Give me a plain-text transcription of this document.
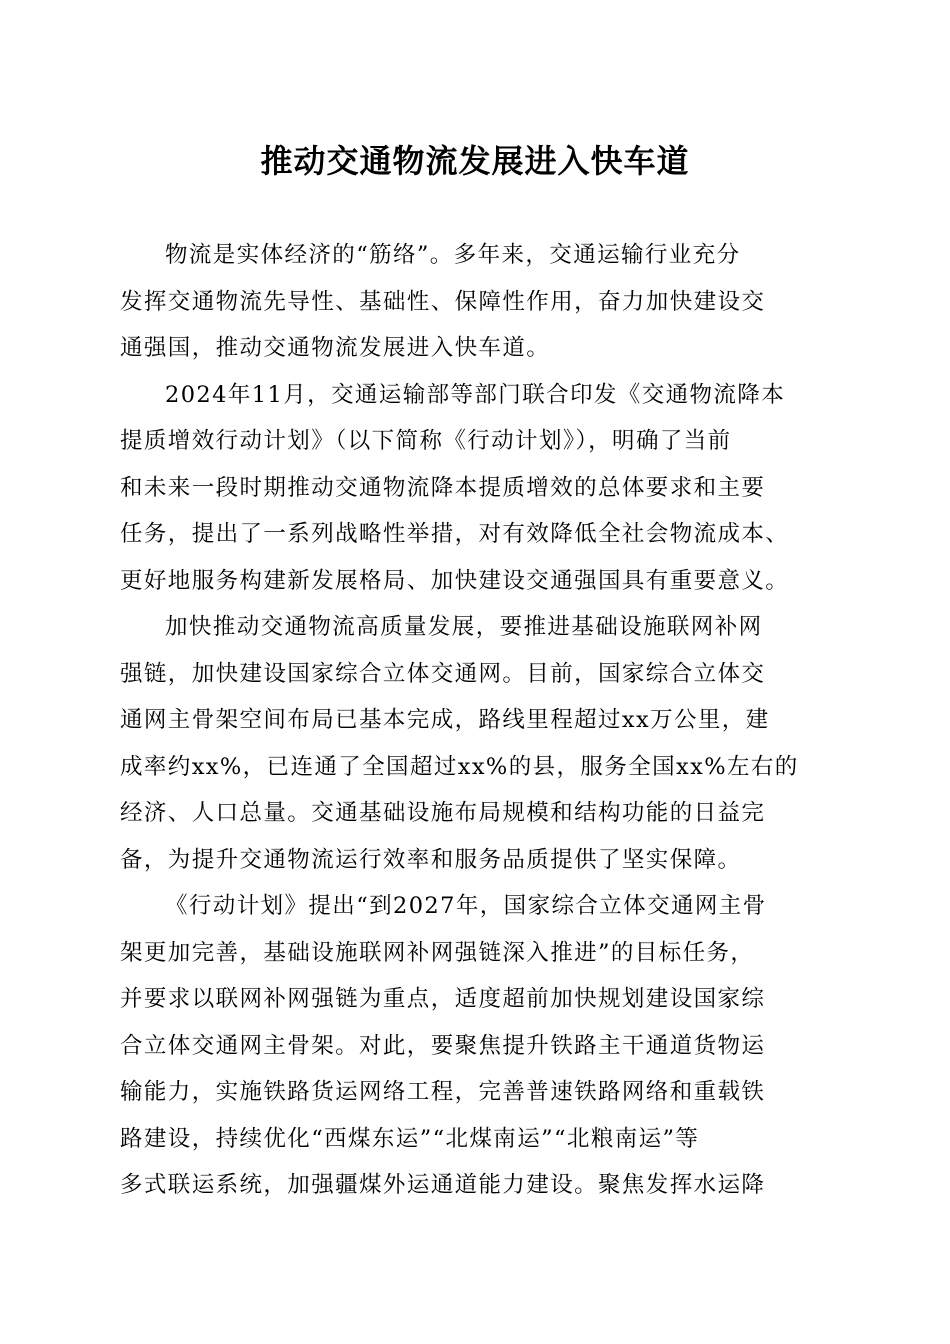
推动交通物流发展进入快车道

物流是实体经济的“筋络”。多年来，交通运输行业充分
发挥交通物流先导性、基础性、保障性作用，奋力加快建设交
通强国，推动交通物流发展进入快车道。

2024年11月，交通运输部等部门联合印发《交通物流降本
提质增效行动计划》（以下简称《行动计划》），明确了当前
和未来一段时期推动交通物流降本提质增效的总体要求和主要
任务，提出了一系列战略性举措，对有效降低全社会物流成本、
更好地服务构建新发展格局、加快建设交通强国具有重要意义。

加快推动交通物流高质量发展，要推进基础设施联网补网
强链，加快建设国家综合立体交通网。目前，国家综合立体交
通网主骨架空间布局已基本完成，路线里程超过xx万公里，建
成率约xx%，已连通了全国超过xx%的县，服务全国xx%左右的
经济、人口总量。交通基础设施布局规模和结构功能的日益完
备，为提升交通物流运行效率和服务品质提供了坚实保障。

《行动计划》提出“到2027年，国家综合立体交通网主骨
架更加完善，基础设施联网补网强链深入推进”的目标任务，
并要求以联网补网强链为重点，适度超前加快规划建设国家综
合立体交通网主骨架。对此，要聚焦提升铁路主干通道货物运
输能力，实施铁路货运网络工程，完善普速铁路网络和重载铁
路建设，持续优化“西煤东运”“北煤南运”“北粮南运”等
多式联运系统，加强疆煤外运通道能力建设。聚焦发挥水运降
